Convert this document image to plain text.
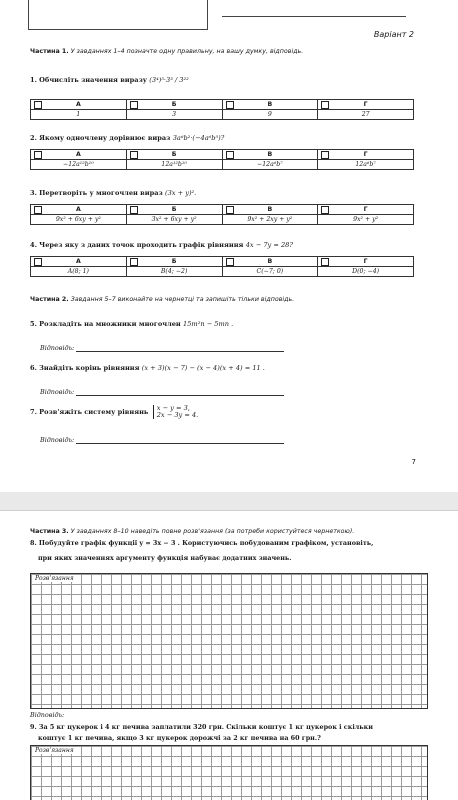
Варіант 2
Частина 1. У завданнях 1–4 позначте одну правильну, на вашу думку, відповідь.
1. Обчисліть значення виразу (3⁴)⁵·3³ / 3²²
А	Б	В	Г
1	3	9	27
2. Якому одночлену дорівнює вираз 3a⁶b²·(−4a⁶b⁵)?
А	Б	В	Г
−12a¹²b¹⁰	12a¹²b¹⁰	−12a⁶b⁷	12a⁶b⁷
3. Перетворіть у многочлен вираз (3x + y)².
А	Б	В	Г
9x² + 6xy + y²	3x² + 6xy + y²	9x² + 2xy + y²	9x² + y²
4. Через яку з даних точок проходить графік рівняння 4x − 7y = 28?
А	Б	В	Г
A(8; 1)	B(4; −2)	C(−7; 0)	D(0; −4)
Частина 2. Завдання 5–7 виконайте на чернетці та запишіть тільки відповідь.
5. Розкладіть на множники многочлен 15m²n − 5mn .
Відповідь:
6. Знайдіть корінь рівняння (x + 3)(x − 7) − (x − 4)(x + 4) = 11 .
Відповідь:
7. Розв'яжіть систему рівнянь x − y = 3,
2x − 3y = 4.
Відповідь:
7
Частина 3. У завданнях 8–10 наведіть повне розв'язання (за потреби користуйтеся чернеткою).
8. Побудуйте графік функції y = 3x − 3 . Користуючись побудованим графіком, установіть,
при яких значеннях аргументу функція набуває додатних значень.
Розв'язання
Відповідь:
9. За 5 кг цукерок і 4 кг печива заплатили 320 грн. Скільки коштує 1 кг цукерок і скільки
коштує 1 кг печива, якщо 3 кг цукерок дорожчі за 2 кг печива на 60 грн.?
Розв'язання
